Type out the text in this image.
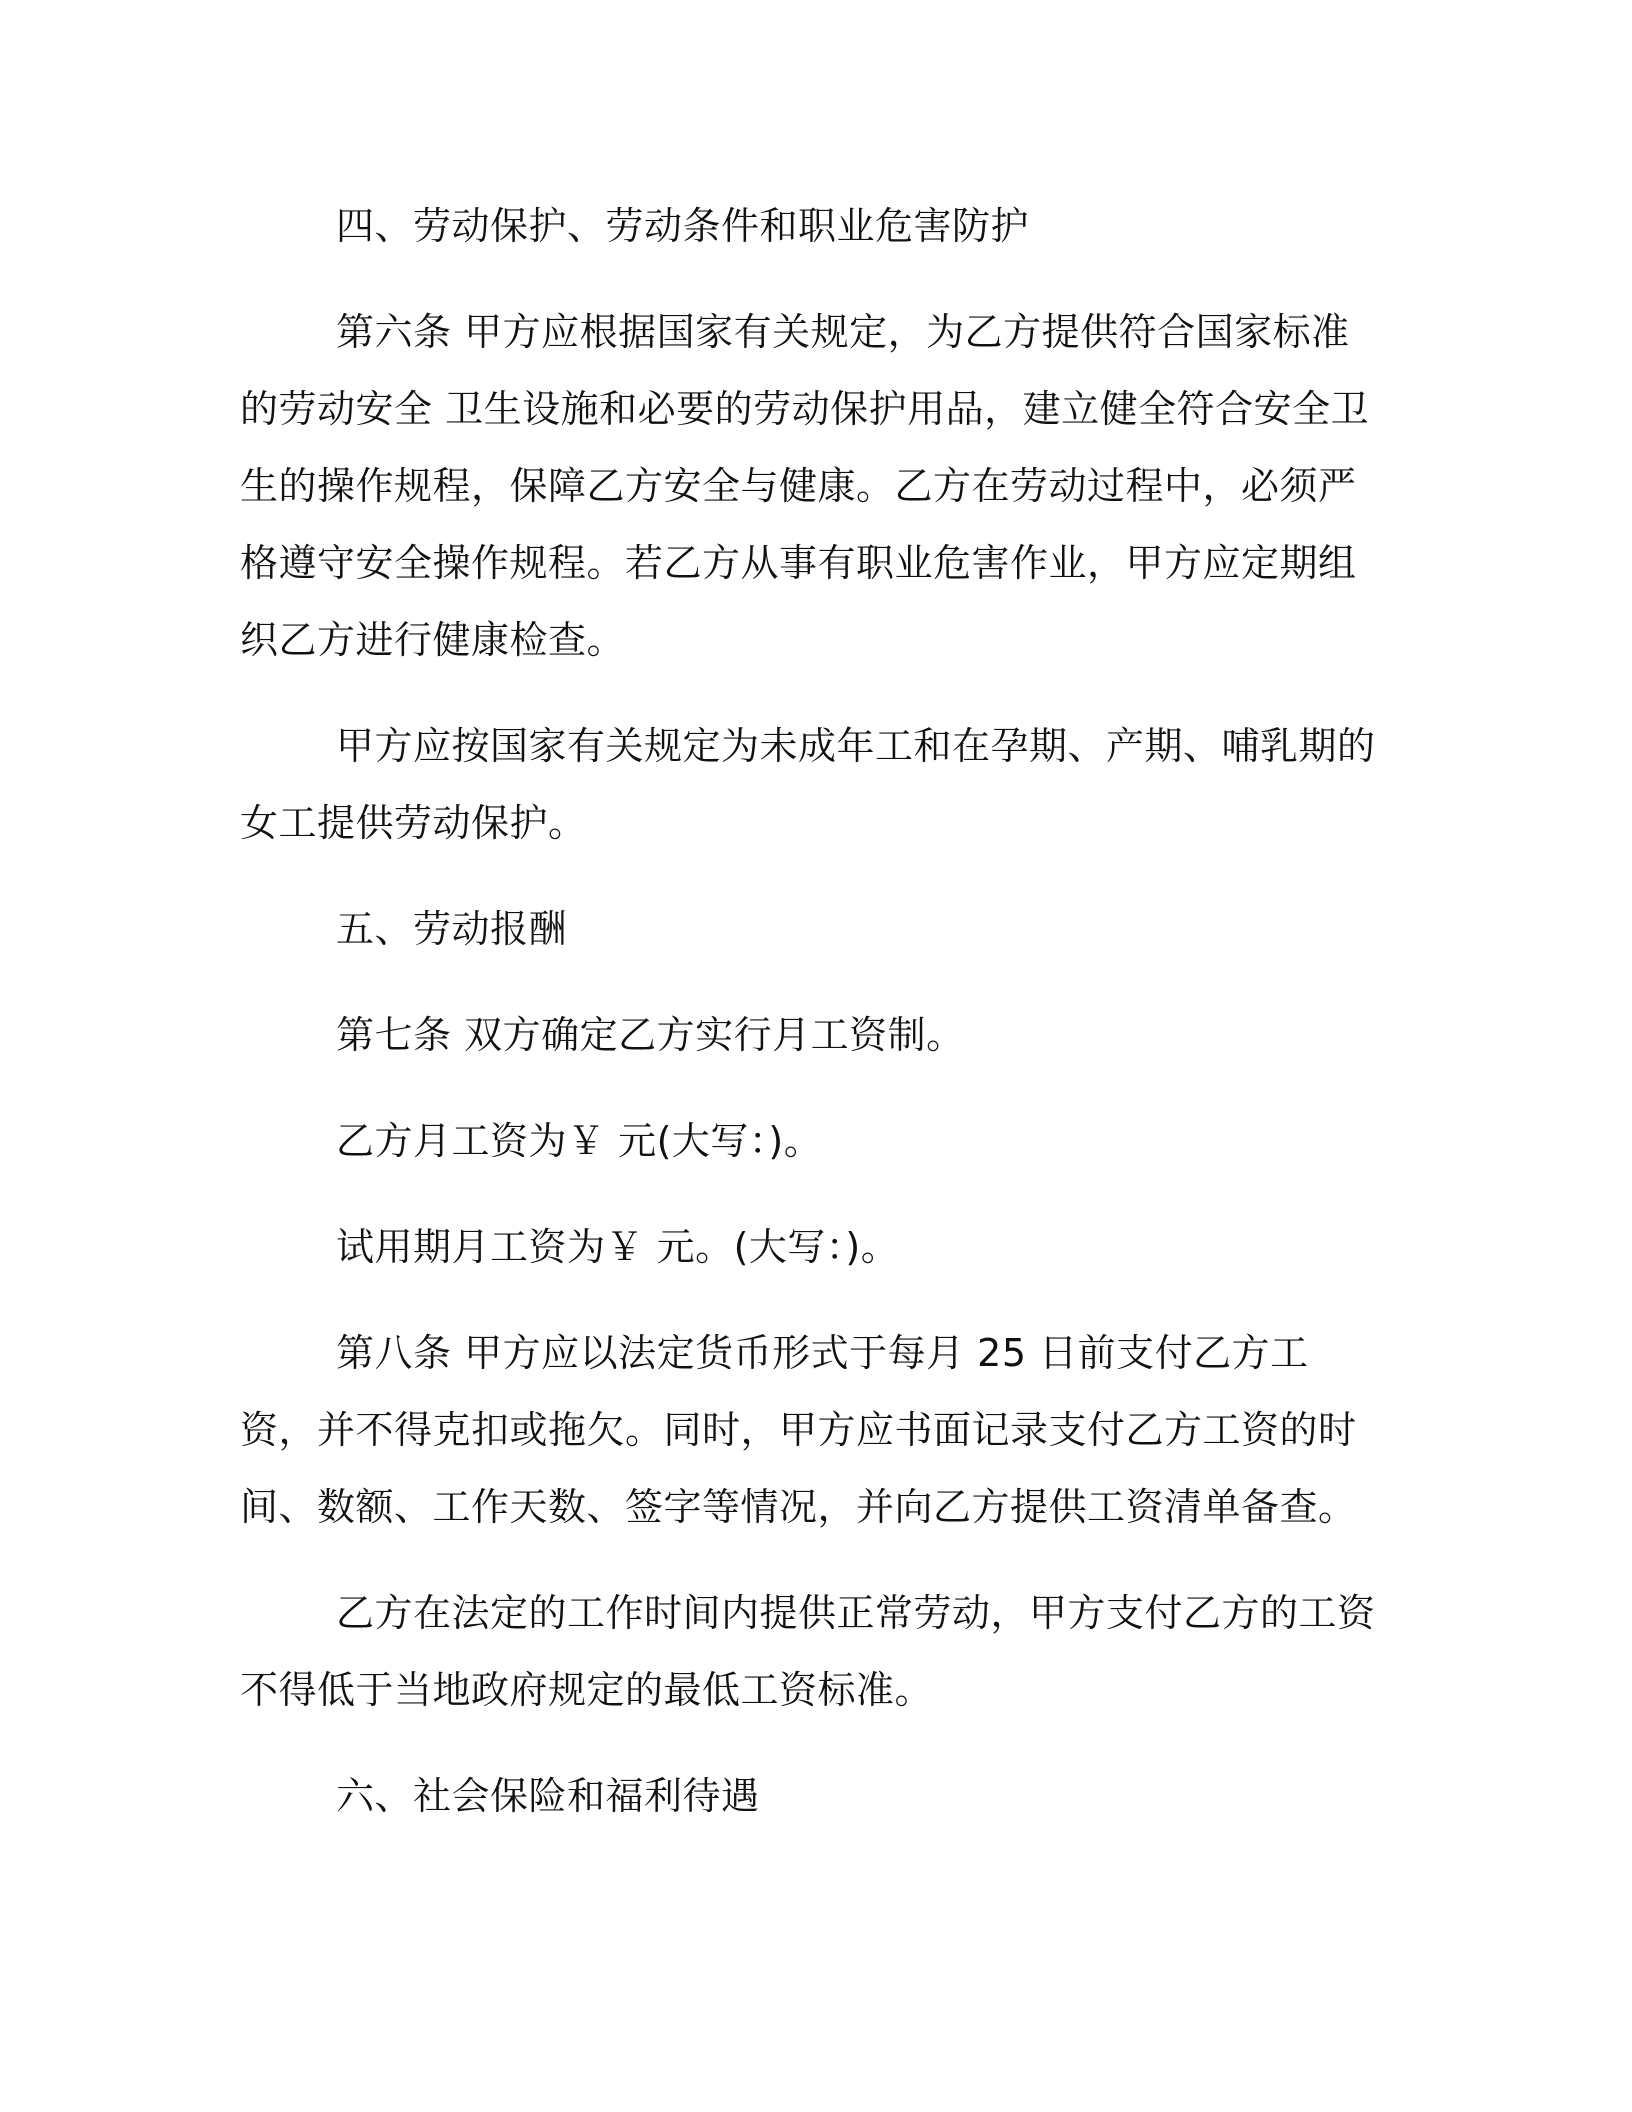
四、劳动保护、劳动条件和职业危害防护

第六条 甲方应根据国家有关规定，为乙方提供符合国家标准的劳动安全 卫生设施和必要的劳动保护用品，建立健全符合安全卫生的操作规程，保障乙方安全与健康。乙方在劳动过程中，必须严格遵守安全操作规程。若乙方从事有职业危害作业，甲方应定期组织乙方进行健康检查。

甲方应按国家有关规定为未成年工和在孕期、产期、哺乳期的女工提供劳动保护。

五、劳动报酬

第七条 双方确定乙方实行月工资制。

乙方月工资为￥ 元(大写：)。

试用期月工资为￥ 元。(大写：)。

第八条 甲方应以法定货币形式于每月 25 日前支付乙方工资，并不得克扣或拖欠。同时，甲方应书面记录支付乙方工资的时间、数额、工作天数、签字等情况，并向乙方提供工资清单备查。

乙方在法定的工作时间内提供正常劳动，甲方支付乙方的工资不得低于当地政府规定的最低工资标准。

六、社会保险和福利待遇
